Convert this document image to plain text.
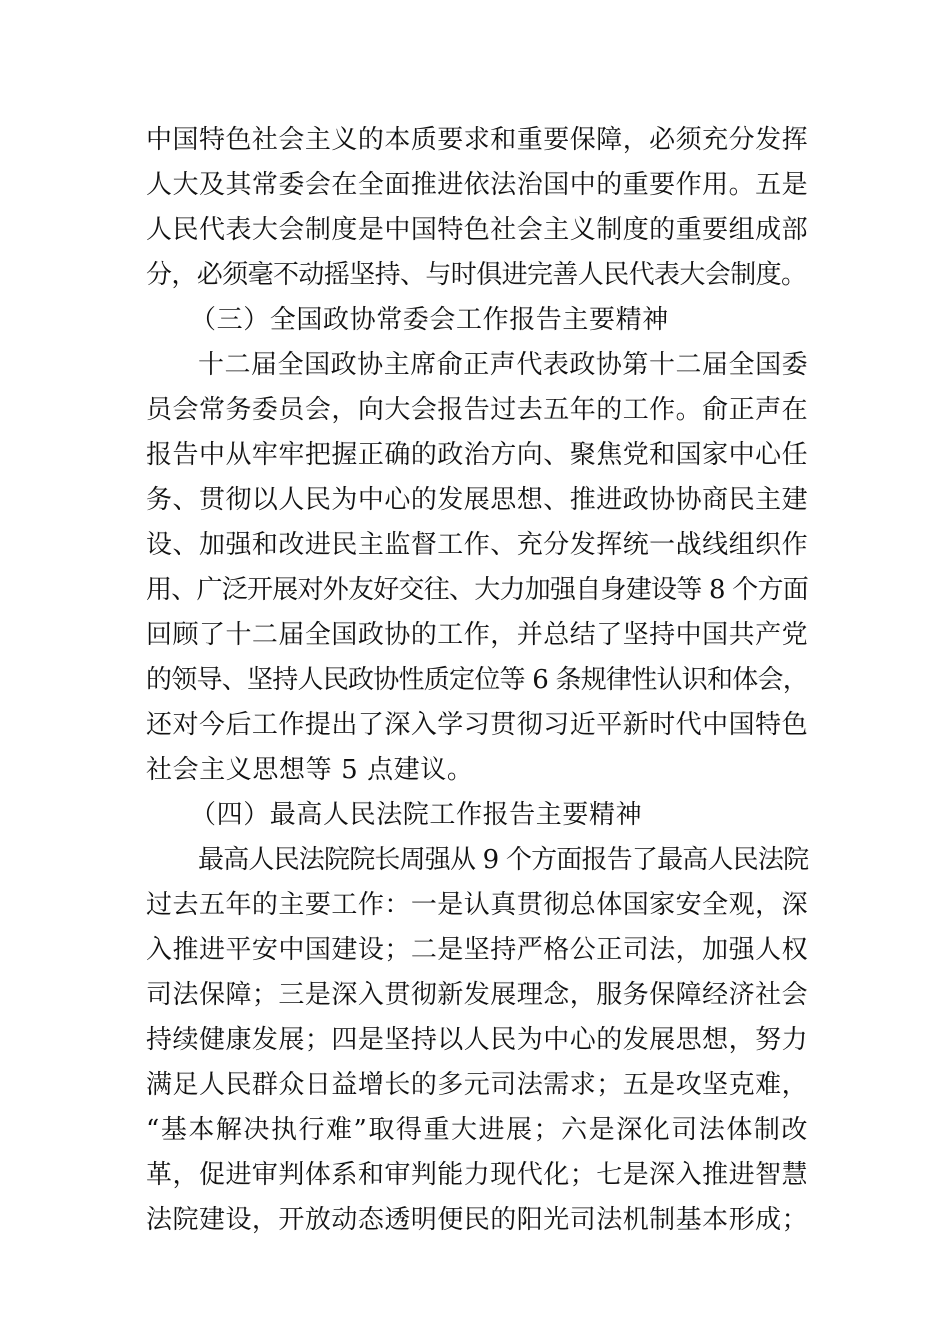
中国特色社会主义的本质要求和重要保障，必须充分发挥
人大及其常委会在全面推进依法治国中的重要作用。五是
人民代表大会制度是中国特色社会主义制度的重要组成部
分，必须毫不动摇坚持、与时俱进完善人民代表大会制度。
（三）全国政协常委会工作报告主要精神
十二届全国政协主席俞正声代表政协第十二届全国委
员会常务委员会，向大会报告过去五年的工作。俞正声在
报告中从牢牢把握正确的政治方向、聚焦党和国家中心任
务、贯彻以人民为中心的发展思想、推进政协协商民主建
设、加强和改进民主监督工作、充分发挥统一战线组织作
用、广泛开展对外友好交往、大力加强自身建设等 8 个方面
回顾了十二届全国政协的工作，并总结了坚持中国共产党
的领导、坚持人民政协性质定位等 6 条规律性认识和体会，
还对今后工作提出了深入学习贯彻习近平新时代中国特色
社会主义思想等 5 点建议。
（四）最高人民法院工作报告主要精神
最高人民法院院长周强从 9 个方面报告了最高人民法院
过去五年的主要工作：一是认真贯彻总体国家安全观，深
入推进平安中国建设；二是坚持严格公正司法，加强人权
司法保障；三是深入贯彻新发展理念，服务保障经济社会
持续健康发展；四是坚持以人民为中心的发展思想，努力
满足人民群众日益增长的多元司法需求；五是攻坚克难，
“基本解决执行难”取得重大进展；六是深化司法体制改
革，促进审判体系和审判能力现代化；七是深入推进智慧
法院建设，开放动态透明便民的阳光司法机制基本形成；
